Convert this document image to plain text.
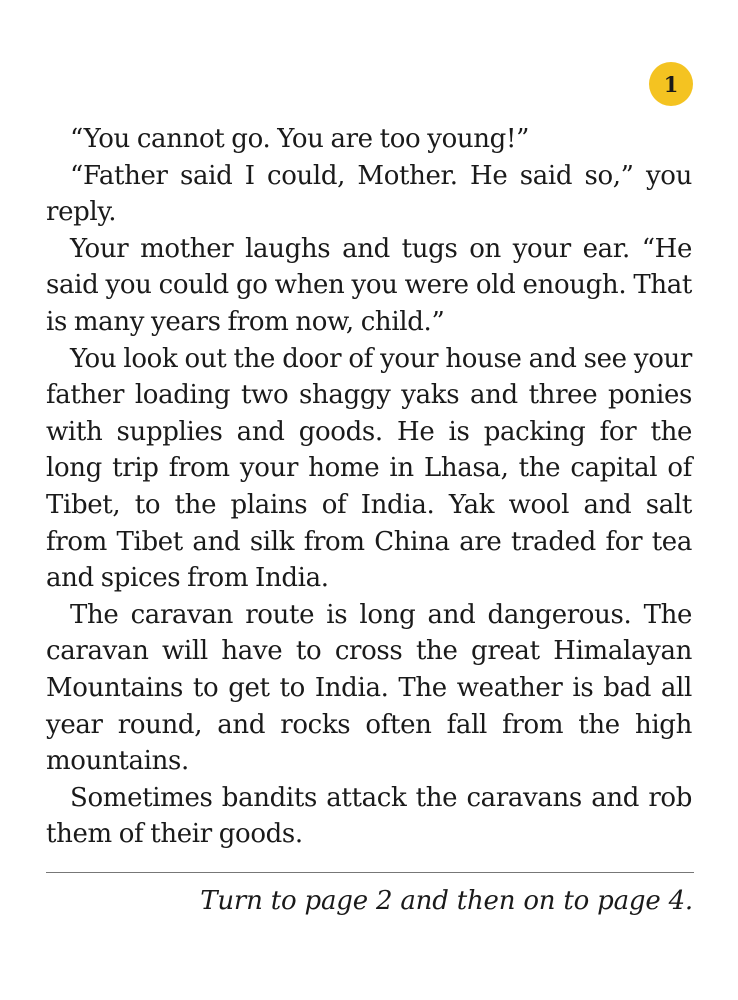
1

“You cannot go. You are too young!”

“Father said I could, Mother. He said so,” you reply.

Your mother laughs and tugs on your ear. “He said you could go when you were old enough. That is many years from now, child.”

You look out the door of your house and see your father loading two shaggy yaks and three ponies with supplies and goods. He is packing for the long trip from your home in Lhasa, the capital of Tibet, to the plains of India. Yak wool and salt from Tibet and silk from China are traded for tea and spices from India.

The caravan route is long and dangerous. The caravan will have to cross the great Himalayan Mountains to get to India. The weather is bad all year round, and rocks often fall from the high mountains.

Sometimes bandits attack the caravans and rob them of their goods.

Turn to page 2 and then on to page 4.
